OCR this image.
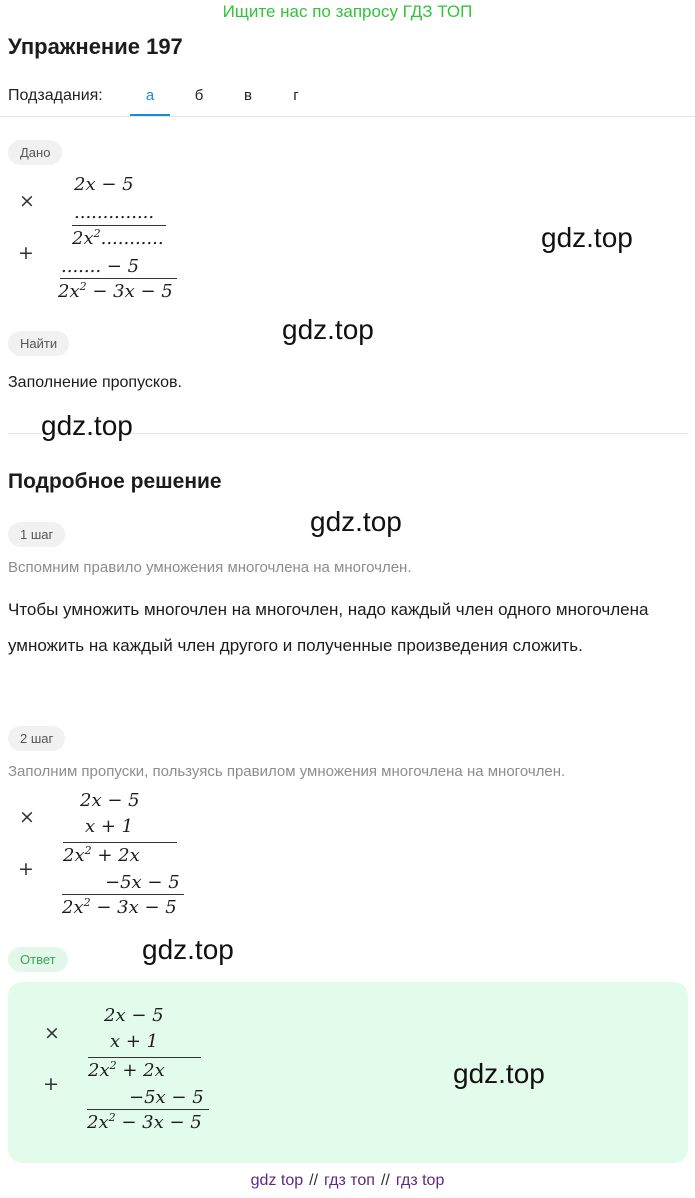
Ищите нас по запросу ГДЗ ТОП
Упражнение 197
Подзадания:	а	б	в	г
Дано
×
+
2x − 5
..............
$2x^2$...........
....... − 5
$2x^2 - 3x - 5$
Найти
Заполнение пропусков.
Подробное решение
1 шаг
Вспомним правило умножения многочлена на многочлен.
Чтобы умножить многочлен на многочлен, надо каждый член одного многочлена умножить на каждый член другого и полученные произведения сложить.
2 шаг
Заполним пропуски, пользуясь правилом умножения многочлена на многочлен.
×
+
2x − 5
x + 1
$2x^2 + 2x$
−5x − 5
$2x^2 - 3x - 5$
Ответ
×
+
2x − 5
x + 1
$2x^2 + 2x$
−5x − 5
$2x^2 - 3x - 5$
gdz.top
gdz.top
gdz.top
gdz.top
gdz.top
gdz.top
gdz top // гдз топ // гдз top
